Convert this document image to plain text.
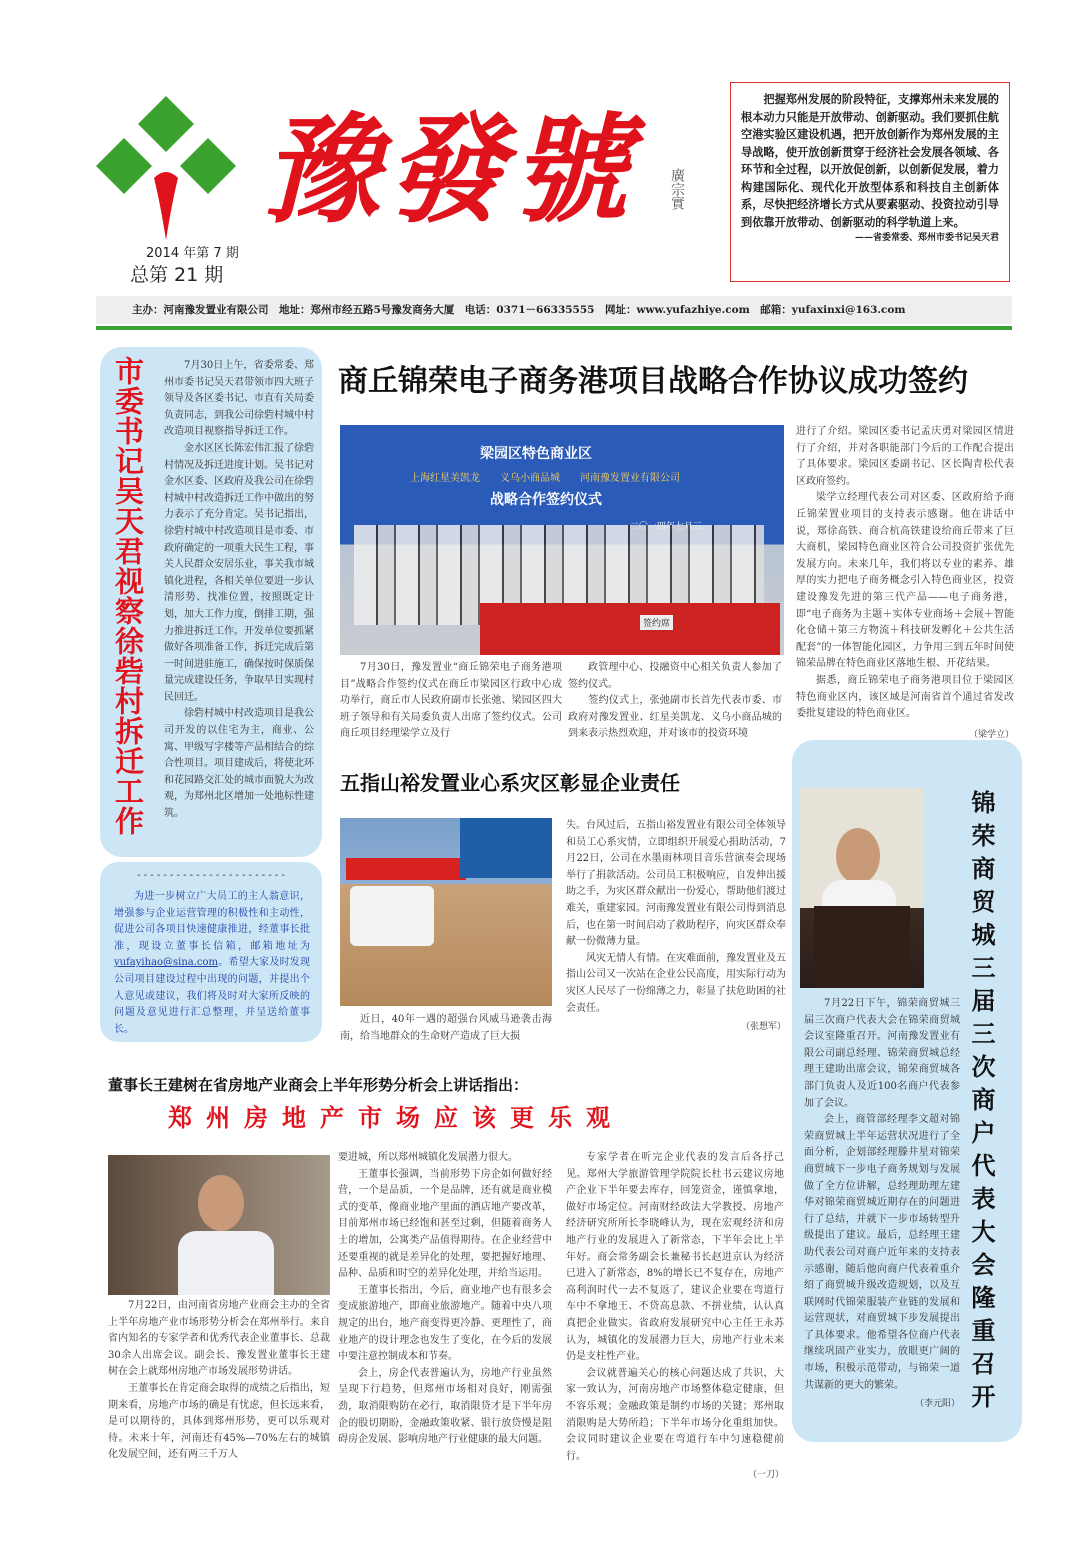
豫發號	廣宗實
2014 年第 7 期
总第 21 期
把握郑州发展的阶段特征，支撑郑州未来发展的根本动力只能是开放带动、创新驱动。我们要抓住航空港实验区建设机遇，把开放创新作为郑州发展的主导战略，使开放创新贯穿于经济社会发展各领域、各环节和全过程，以开放促创新，以创新促发展，着力构建国际化、现代化开放型体系和科技自主创新体系，尽快把经济增长方式从要素驱动、投资拉动引导到依靠开放带动、创新驱动的科学轨道上来。
——省委常委、郑州市委书记吴天君
主办：河南豫发置业有限公司　地址：郑州市经五路5号豫发商务大厦　电话：0371－66335555　网址：www.yufazhiye.com　邮箱：yufaxinxi@163.com
市委书记吴天君视察徐砦村拆迁工作	7月30日上午，省委常委、郑州市委书记吴天君带领市四大班子领导及各区委书记、市直有关局委负责同志，到我公司徐砦村城中村改造项目视察指导拆迁工作。

金水区区长陈宏伟汇报了徐砦村情况及拆迁进度计划。吴书记对金水区委、区政府及我公司在徐砦村城中村改造拆迁工作中做出的努力表示了充分肯定。吴书记指出，徐砦村城中村改造项目是市委、市政府确定的一项重大民生工程，事关人民群众安居乐业，事关我市城镇化进程，各相关单位要进一步认清形势、找准位置，按照既定计划，加大工作力度，倒排工期，强力推进拆迁工作。开发单位要抓紧做好各项准备工作，拆迁完成后第一时间进驻施工，确保按时保质保量完成建设任务，争取早日实现村民回迁。

徐砦村城中村改造项目是我公司开发的以住宅为主，商业、公寓、甲级写字楼等产品相结合的综合性项目。项目建成后，将使北环和花园路交汇处的城市面貌大为改观，为郑州北区增加一处地标性建筑。

- - - - - - - - - - - - - - - - - - - - - - -
为进一步树立广大员工的主人翁意识，增强参与企业运营管理的积极性和主动性，促进公司各项目快速健康推进，经董事长批准，现设立董事长信箱，邮箱地址为 yufayihao@sina.com。希望大家及时发现公司项目建设过程中出现的问题，并提出个人意见或建议，我们将及时对大家所反映的问题及意见进行汇总整理，并呈送给董事长。
商丘锦荣电子商务港项目战略合作协议成功签约
梁园区特色商业区
上海红星美凯龙　　义乌小商品城　　河南豫发置业有限公司
战略合作签约仪式
签约席
7月30日，豫发置业“商丘锦荣电子商务港项目”战略合作签约仪式在商丘市梁园区行政中心成功举行，商丘市人民政府副市长张弛、梁园区四大班子领导和有关局委负责人出席了签约仪式。公司商丘项目经理梁学立及行
政管理中心、投融资中心相关负责人参加了签约仪式。
　　签约仪式上，张弛副市长首先代表市委、市政府对豫发置业、红星美凯龙、义乌小商品城的到来表示热烈欢迎，并对该市的投资环境

进行了介绍。梁园区委书记孟庆勇对梁园区情进行了介绍，并对各职能部门今后的工作配合提出了具体要求。梁园区委副书记、区长陶青松代表区政府签约。

梁学立经理代表公司对区委、区政府给予商丘锦荣置业项目的支持表示感谢。他在讲话中说，郑徐高铁、商合杭高铁建设给商丘带来了巨大商机，梁园特色商业区符合公司投资扩张优先发展方向。未来几年，我们将以专业的素养、雄厚的实力把电子商务概念引入特色商业区，投资建设豫发先进的第三代产品——电子商务港，即“电子商务为主题＋实体专业商场＋会展＋智能化仓储＋第三方物流＋科技研发孵化＋公共生活配套”的一体智能化园区，力争用三到五年时间使锦荣品牌在特色商业区落地生根、开花结果。

据悉，商丘锦荣电子商务港项目位于梁园区特色商业区内，该区域是河南省首个通过省发改委批复建设的特色商业区。

（梁学立）
五指山裕发置业心系灾区彰显企业责任
近日，40年一遇的超强台风威马逊袭击海南，给当地群众的生命财产造成了巨大损

失。台风过后，五指山裕发置业有限公司全体领导和员工心系灾情，立即组织开展爱心捐助活动，7月22日，公司在水墨雨林项目音乐营演奏会现场举行了捐款活动。公司员工积极响应，自发伸出援助之手，为灾区群众献出一份爱心，帮助他们渡过难关，重建家园。河南豫发置业有限公司得到消息后，也在第一时间启动了救助程序，向灾区群众奉献一份微薄力量。

风灾无情人有情。在灾难面前，豫发置业及五指山公司又一次站在企业公民高度，用实际行动为灾区人民尽了一份绵薄之力，彰显了扶危助困的社会责任。

（张想军）	锦荣商贸城三届三次商户代表大会隆重召开

7月22日下午，锦荣商贸城三届三次商户代表大会在锦荣商贸城会议室隆重召开。河南豫发置业有限公司副总经理、锦荣商贸城总经理王建助出席会议，锦荣商贸城各部门负责人及近100名商户代表参加了会议。

会上，商管部经理李文超对锦荣商贸城上半年运营状况进行了全面分析，企划部经理滕井星对锦荣商贸城下一步电子商务规划与发展做了全方位讲解，总经理助理左建华对锦荣商贸城近期存在的问题进行了总结，并就下一步市场转型升级提出了建议。最后，总经理王建助代表公司对商户近年来的支持表示感谢，随后他向商户代表着重介绍了商贸城升级改造规划，以及互联网时代锦荣服装产业链的发展和运营现状，对商贸城下步发展提出了具体要求。他希望各位商户代表继续巩固产业实力，放眼更广阔的市场，积极示范带动，与锦荣一道共谋新的更大的繁荣。

（李元阳）
董事长王建树在省房地产业商会上半年形势分析会上讲话指出：
郑州房地产市场应该更乐观

7月22日，由河南省房地产业商会主办的全省上半年房地产业市场形势分析会在郑州举行。来自省内知名的专家学者和优秀代表企业董事长、总裁30余人出席会议。副会长、豫发置业董事长王建树在会上就郑州房地产市场发展形势讲话。

王董事长在肯定商会取得的成绩之后指出，短期来看，房地产市场的确是有忧虑，但长远来看，是可以期待的，具体到郑州形势，更可以乐观对待。未来十年，河南还有45%—70%左右的城镇化发展空间，还有两三千万人

要进城，所以郑州城镇化发展潜力很大。

王董事长强调，当前形势下房企如何做好经营，一个是品质，一个是品牌，还有就是商业模式的变革，像商业地产里面的酒店地产要改革，目前郑州市场已经饱和甚至过剩，但随着商务人士的增加，公寓类产品值得期待。在企业经营中还要重视的就是差异化的处理，要把握好地理、品种、品质和时空的差异化处理，并给当运用。

王董事长指出，今后，商业地产也有很多会变成旅游地产，即商业旅游地产。随着中央八项规定的出台，地产商变得更冷静、更理性了，商业地产的设计理念也发生了变化，在今后的发展中要注意控制成本和节奏。

会上，房企代表普遍认为，房地产行业虽然呈现下行趋势，但郑州市场相对良好，刚需强劲，取消限购防在必行，取消限贷才是下半年房企的股切期盼，金融政策收紧、银行放贷慢是阻碍房企发展、影响房地产行业健康的最大问题。

专家学者在听完企业代表的发言后各抒己见。郑州大学旅游管理学院院长杜书云建议房地产企业下半年要去库存，回笼资金，谨慎拿地，做好市场定位。河南财经政法大学教授、房地产经济研究所所长李晓峰认为，现在宏观经济和房地产行业的发展进入了新常态，下半年会比上半年好。商会常务副会长兼秘书长赵进京认为经济已进入了新常态，8%的增长已不复存在，房地产高利润时代一去不复返了，建议企业要在弯道行车中不拿地王、不贷高息款、不拼业绩，认认真真把企业做实。省政府发展研究中心主任王永苏认为，城镇化的发展潜力巨大，房地产行业未来仍是支柱性产业。

会议就普遍关心的核心问题达成了共识，大家一致认为，河南房地产市场整体稳定健康，但不容乐观；金融政策是制约市场的关键；郑州取消限购是大势所趋；下半年市场分化重组加快。会议同时建议企业要在弯道行车中匀速稳健前行。

（一刀）
